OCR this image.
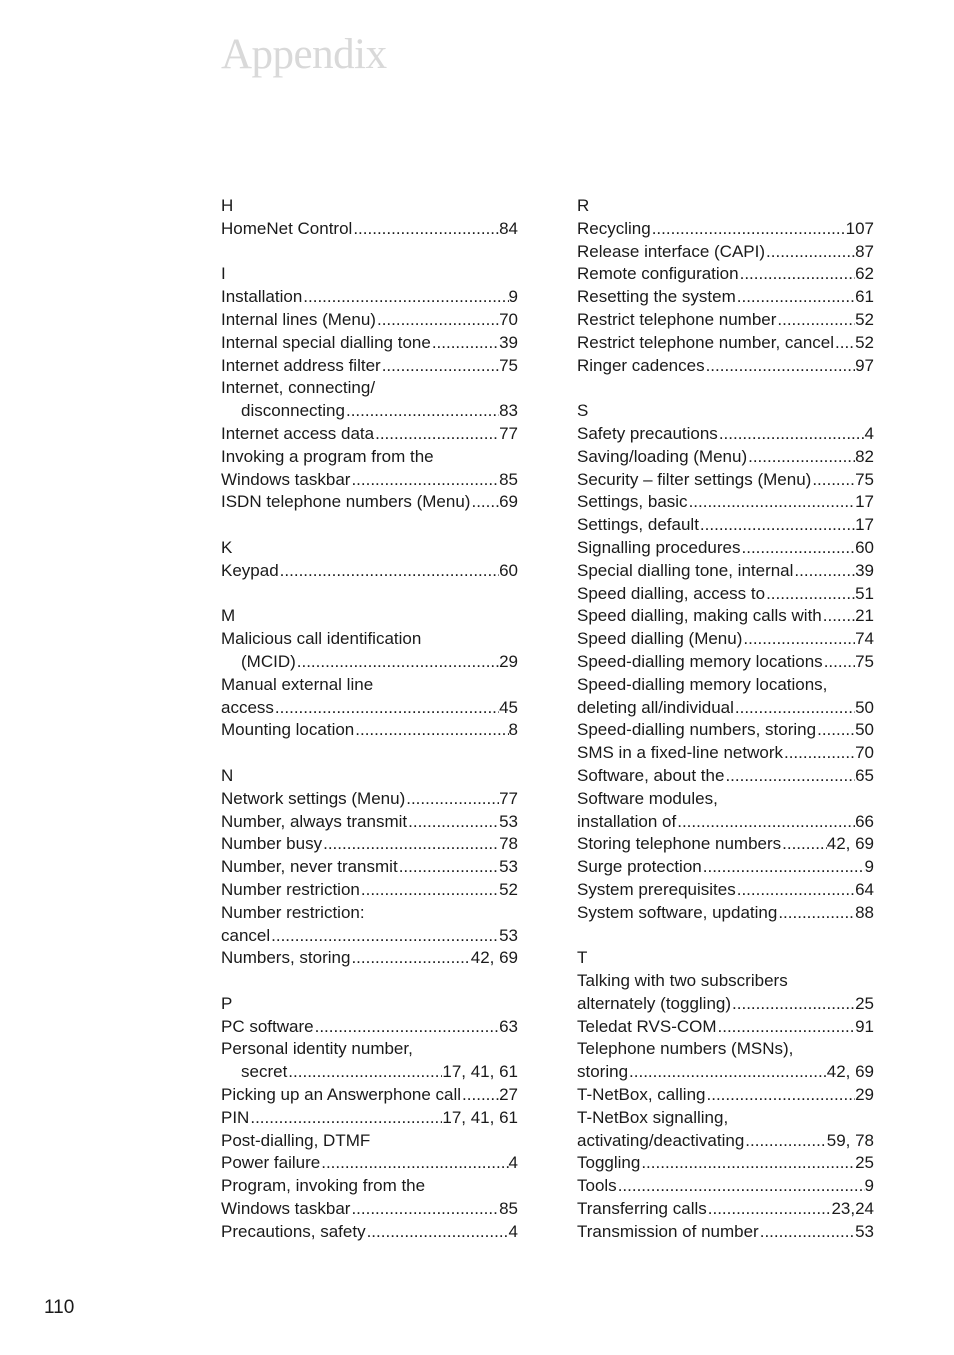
Appendix
H
HomeNet Control .....	84
I
Installation .....	9
Internal lines (Menu) .....	70
Internal special dialling tone .....	39
Internet address filter .....	75
Internet, connecting/
disconnecting .....	83
Internet access data .....	77
Invoking a program from the
Windows taskbar .....	85
ISDN telephone numbers (Menu) ..... 69
K
Keypad .....	60
M
Malicious call identification
(MCID) .....	29
Manual external line
access .....	45
Mounting location .....	8
N
Network settings (Menu) .....	77
Number, always transmit .....	53
Number busy .....	78
Number, never transmit .....	53
Number restriction .....	52
Number restriction:
cancel .....	53
Numbers, storing .....	42, 69
P
PC software .....	63
Personal identity number,
secret .....	17, 41, 61
Picking up an Answerphone call ..... 27
PIN .....	17, 41, 61
Post-dialling, DTMF
Power failure .....	4
Program, invoking from the
Windows taskbar .....	85
Precautions, safety .....	4
R
Recycling .....	107
Release interface (CAPI) .....	87
Remote configuration .....	62
Resetting the system .....	61
Restrict telephone number .....	52
Restrict telephone number, cancel ..... 52
Ringer cadences .....	97
S
Safety precautions .....	4
Saving/loading (Menu) .....	82
Security – filter settings (Menu) .....	75
Settings, basic .....	17
Settings, default .....	17
Signalling procedures .....	60
Special dialling tone, internal .....	39
Speed dialling, access to .....	51
Speed dialling, making calls with ..... 21
Speed dialling (Menu) .....	74
Speed-dialling memory locations ..... 75
Speed-dialling memory locations,
deleting all/individual .....	50
Speed-dialling numbers, storing ..... 50
SMS in a fixed-line network .....	70
Software, about the .....	65
Software modules,
installation of .....	66
Storing telephone numbers .....	42, 69
Surge protection .....	9
System prerequisites .....	64
System software, updating .....	88
T
Talking with two subscribers
alternately (toggling) .....	25
Teledat RVS-COM .....	91
Telephone numbers (MSNs),
storing .....	42, 69
T-NetBox, calling .....	29
T-NetBox signalling,
activating/deactivating .....	59, 78
Toggling .....	25
Tools .....	9
Transferring calls .....	23,24
Transmission of number .....	53
110
